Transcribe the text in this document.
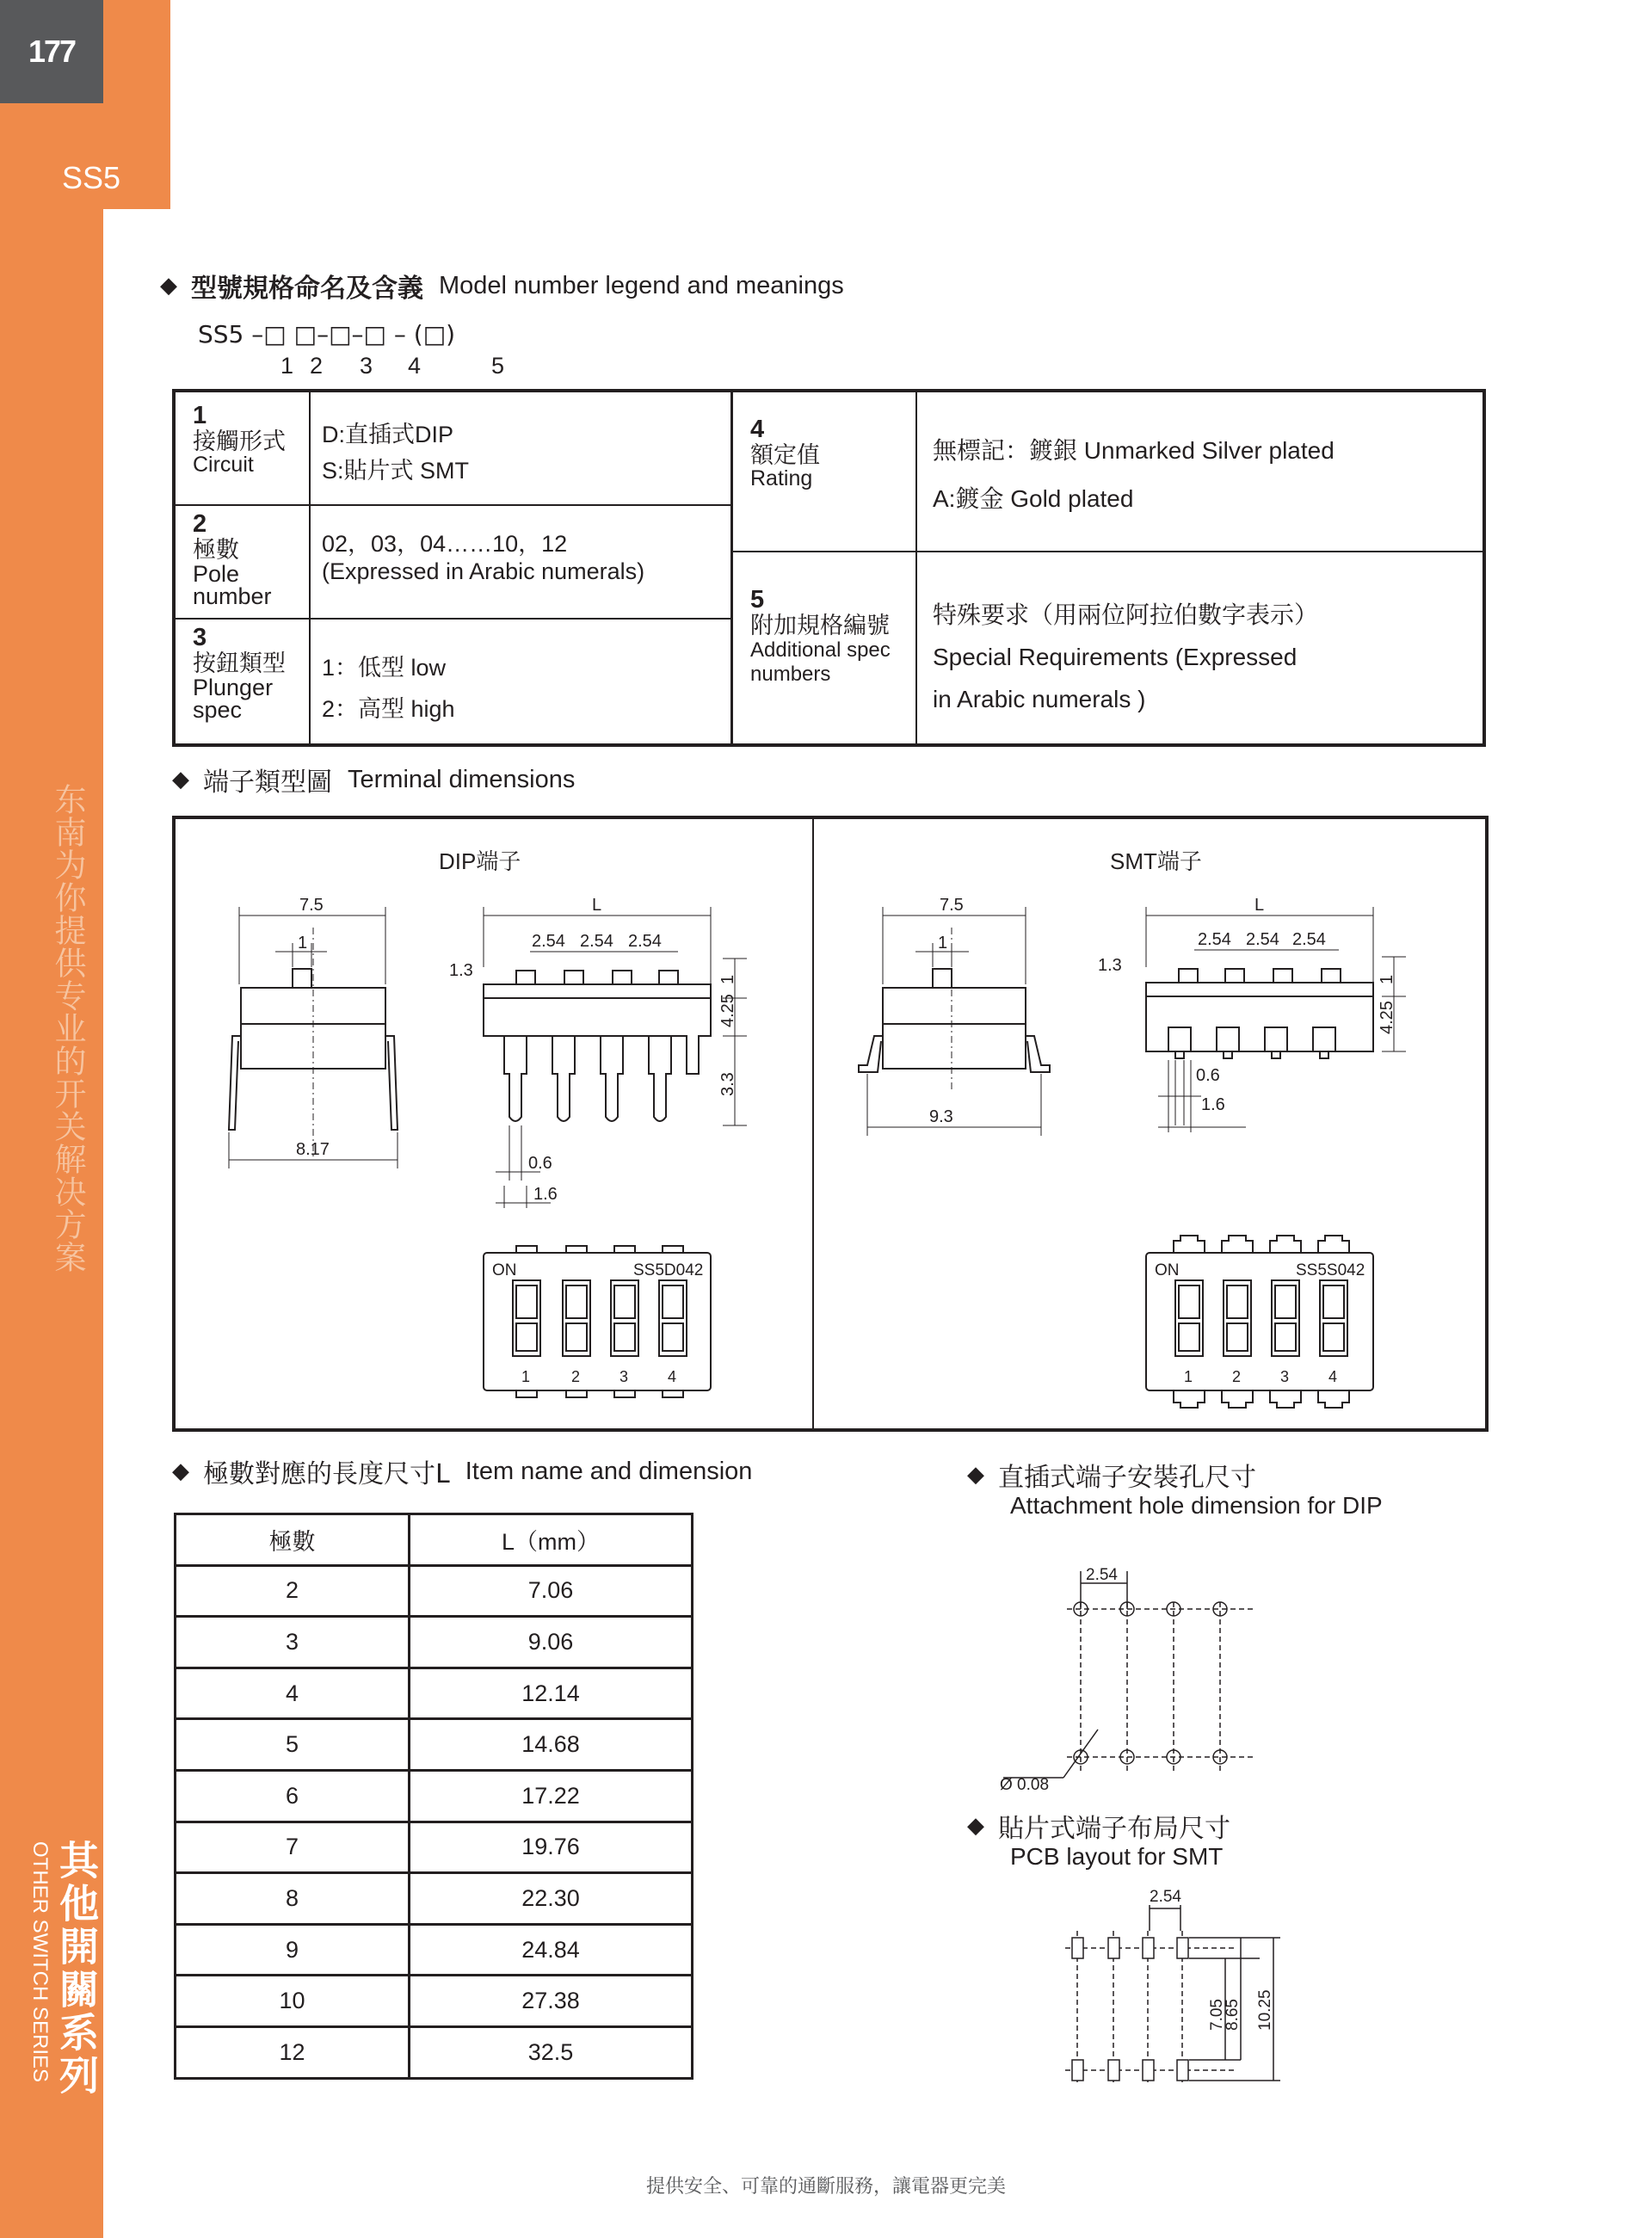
177
SS5
东南为你提供专业的开关解决方案
OTHER SWITCH SERIES 其他開關系列
◆ 型號規格命名及含義 Model number legend and meanings
SS5 –□ □–□–□ – (□)
1 2 3 4	5
1
接觸形式
Circuit
D:直插式DIP
S:貼片式 SMT
2
極數
Pole number
02，03，04……10，12
(Expressed in Arabic numerals)
3
按鈕類型
Plunger spec
1：低型 low
2：高型 high
4
額定值
Rating
無標記：鍍銀 Unmarked Silver plated
A:鍍金 Gold plated
5
附加規格編號
Additional spec numbers
特殊要求（用兩位阿拉伯數字表示）
Special Requirements (Expressed
in Arabic numerals )
◆ 端子類型圖 Terminal dimensions
DIP端子	SMT端子
7.5
1
8.17
L
2.54 2.54 2.54
1.3	1
4.25
3.3
0.6
1.6
ON	SS5D042
1	2	3	4
7.5
1
9.3
L
2.54 2.54 2.54
1.3
1
4.25
0.6
1.6
ON	SS5S042
1	2	3	4
◆ 極數對應的長度尺寸L Item name and dimension
極數	L（mm）
2	7.06
3	9.06
4	12.14
5	14.68
6	17.22
7	19.76
8	22.30
9	24.84
10	27.38
12	32.5
◆ 直插式端子安裝孔尺寸
Attachment hole dimension for DIP
2.54
Ø 0.08
◆ 貼片式端子布局尺寸
PCB layout for SMT
2.54
7.05
8.65 10.25
提供安全、可靠的通斷服務，讓電器更完美
